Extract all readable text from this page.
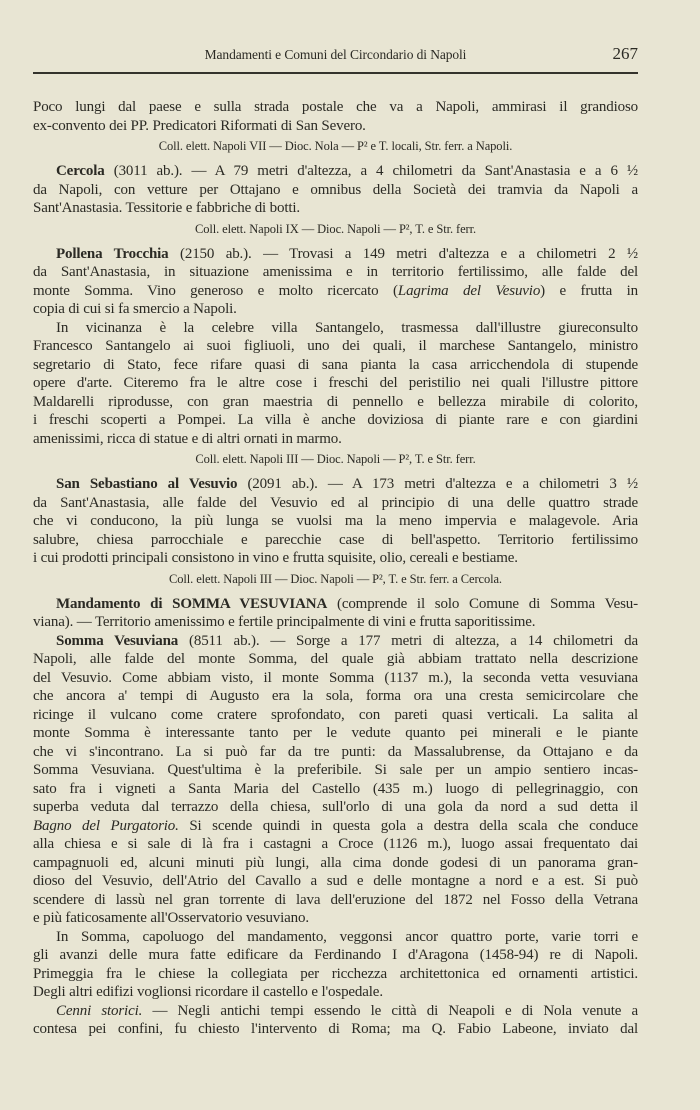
Mandamenti e Comuni del Circondario di Napoli	267
Poco lungi dal paese e sulla strada postale che va a Napoli, ammirasi il grandioso
ex-convento dei PP. Predicatori Riformati di San Severo.
Coll. elett. Napoli VII — Dioc. Nola — P² e T. locali, Str. ferr. a Napoli.
Cercola (3011 ab.). — A 79 metri d'altezza, a 4 chilometri da Sant'Anastasia e a 6 ½
da Napoli, con vetture per Ottajano e omnibus della Società dei tramvia da Napoli a
Sant'Anastasia. Tessitorie e fabbriche di botti.
Coll. elett. Napoli IX — Dioc. Napoli — P², T. e Str. ferr.
Pollena Trocchia (2150 ab.). — Trovasi a 149 metri d'altezza e a chilometri 2 ½
da Sant'Anastasia, in situazione amenissima e in territorio fertilissimo, alle falde del
monte Somma. Vino generoso e molto ricercato (Lagrima del Vesuvio) e frutta in
copia di cui si fa smercio a Napoli.
In vicinanza è la celebre villa Santangelo, trasmessa dall'illustre giureconsulto
Francesco Santangelo ai suoi figliuoli, uno dei quali, il marchese Santangelo, ministro
segretario di Stato, fece rifare quasi di sana pianta la casa arricchendola di stupende
opere d'arte. Citeremo fra le altre cose i freschi del peristilio nei quali l'illustre pittore
Maldarelli riprodusse, con gran maestria di pennello e bellezza mirabile di colorito,
i freschi scoperti a Pompei. La villa è anche doviziosa di piante rare e con giardini
amenissimi, ricca di statue e di altri ornati in marmo.
Coll. elett. Napoli III — Dioc. Napoli — P², T. e Str. ferr.
San Sebastiano al Vesuvio (2091 ab.). — A 173 metri d'altezza e a chilometri 3 ½
da Sant'Anastasia, alle falde del Vesuvio ed al principio di una delle quattro strade
che vi conducono, la più lunga se vuolsi ma la meno impervia e malagevole. Aria
salubre, chiesa parrocchiale e parecchie case di bell'aspetto. Territorio fertilissimo
i cui prodotti principali consistono in vino e frutta squisite, olio, cereali e bestiame.
Coll. elett. Napoli III — Dioc. Napoli — P², T. e Str. ferr. a Cercola.
Mandamento di SOMMA VESUVIANA (comprende il solo Comune di Somma Vesu-
viana). — Territorio amenissimo e fertile principalmente di vini e frutta saporitissime.
Somma Vesuviana (8511 ab.). — Sorge a 177 metri di altezza, a 14 chilometri da
Napoli, alle falde del monte Somma, del quale già abbiam trattato nella descrizione
del Vesuvio. Come abbiam visto, il monte Somma (1137 m.), la seconda vetta vesuviana
che ancora a' tempi di Augusto era la sola, forma ora una cresta semicircolare che
ricinge il vulcano come cratere sprofondato, con pareti quasi verticali. La salita al
monte Somma è interessante tanto per le vedute quanto pei minerali e le piante
che vi s'incontrano. La si può far da tre punti: da Massalubrense, da Ottajano e da
Somma Vesuviana. Quest'ultima è la preferibile. Si sale per un ampio sentiero incas-
sato fra i vigneti a Santa Maria del Castello (435 m.) luogo di pellegrinaggio, con
superba veduta dal terrazzo della chiesa, sull'orlo di una gola da nord a sud detta il
Bagno del Purgatorio. Si scende quindi in questa gola a destra della scala che conduce
alla chiesa e si sale di là fra i castagni a Croce (1126 m.), luogo assai frequentato dai
campagnuoli ed, alcuni minuti più lungi, alla cima donde godesi di un panorama gran-
dioso del Vesuvio, dell'Atrio del Cavallo a sud e delle montagne a nord e a est. Si può
scendere di lassù nel gran torrente di lava dell'eruzione del 1872 nel Fosso della Vetrana
e più faticosamente all'Osservatorio vesuviano.
In Somma, capoluogo del mandamento, veggonsi ancor quattro porte, varie torri e
gli avanzi delle mura fatte edificare da Ferdinando I d'Aragona (1458-94) re di Napoli.
Primeggia fra le chiese la collegiata per ricchezza architettonica ed ornamenti artistici.
Degli altri edifizi voglionsi ricordare il castello e l'ospedale.
Cenni storici. — Negli antichi tempi essendo le città di Neapoli e di Nola venute a
contesa pei confini, fu chiesto l'intervento di Roma; ma Q. Fabio Labeone, inviato dal
